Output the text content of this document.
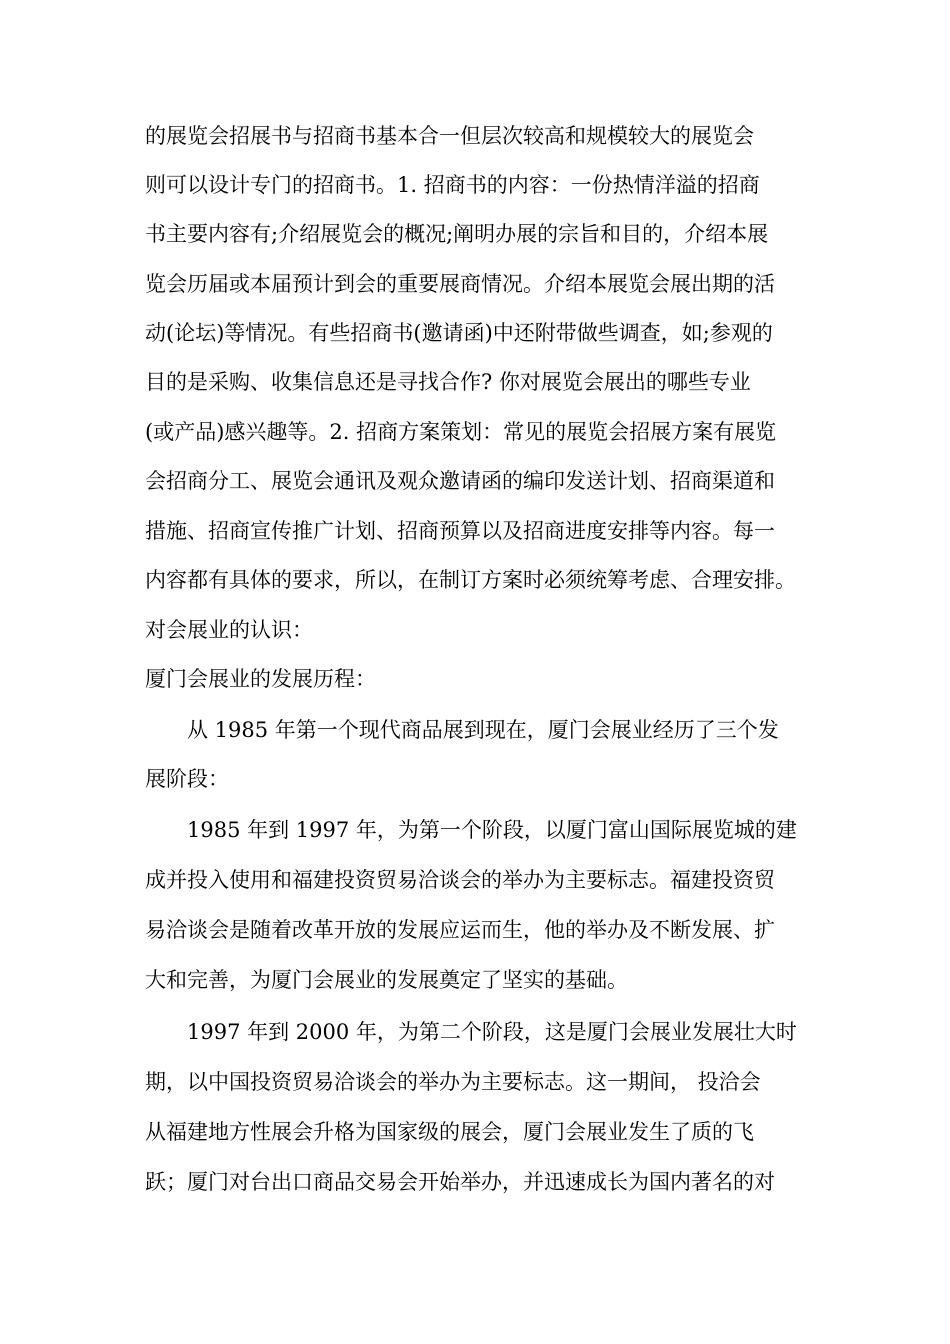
的展览会招展书与招商书基本合一但层次较高和规模较大的展览会
则可以设计专门的招商书。1. 招商书的内容：一份热情洋溢的招商
书主要内容有;介绍展览会的概况;阐明办展的宗旨和目的，介绍本展
览会历届或本届预计到会的重要展商情况。介绍本展览会展出期的活
动(论坛)等情况。有些招商书(邀请函)中还附带做些调查，如;参观的
目的是采购、收集信息还是寻找合作? 你对展览会展出的哪些专业
(或产品)感兴趣等。2. 招商方案策划：常见的展览会招展方案有展览
会招商分工、展览会通讯及观众邀请函的编印发送计划、招商渠道和
措施、招商宣传推广计划、招商预算以及招商进度安排等内容。每一
内容都有具体的要求，所以，在制订方案时必须统筹考虑、合理安排。
对会展业的认识：
厦门会展业的发展历程：
从 1985 年第一个现代商品展到现在，厦门会展业经历了三个发
展阶段：
1985 年到 1997 年，为第一个阶段，以厦门富山国际展览城的建
成并投入使用和福建投资贸易洽谈会的举办为主要标志。福建投资贸
易洽谈会是随着改革开放的发展应运而生，他的举办及不断发展、扩
大和完善，为厦门会展业的发展奠定了坚实的基础。
1997 年到 2000 年，为第二个阶段，这是厦门会展业发展壮大时
期，以中国投资贸易洽谈会的举办为主要标志。这一期间， 投洽会
从福建地方性展会升格为国家级的展会，厦门会展业发生了质的飞
跃；厦门对台出口商品交易会开始举办，并迅速成长为国内著名的对
